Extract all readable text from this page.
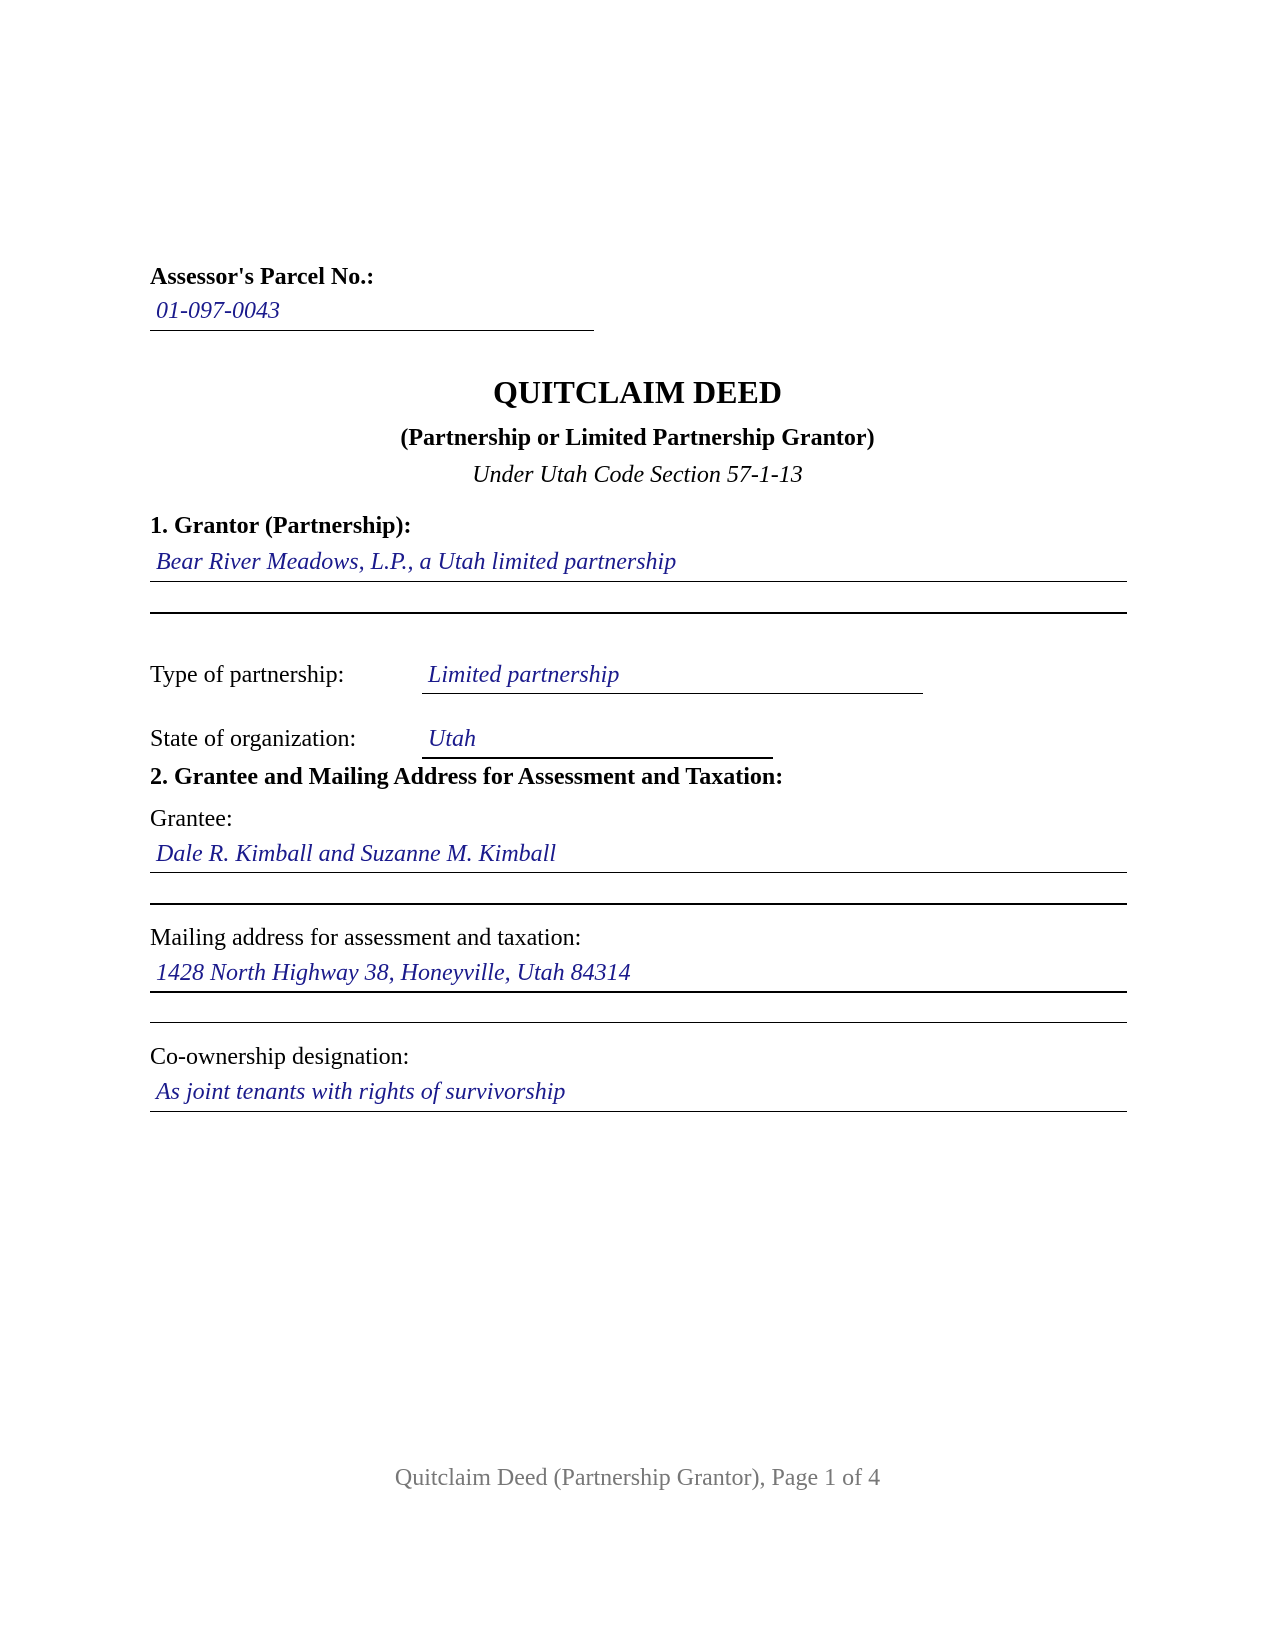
Assessor's Parcel No.:
01-097-0043
QUITCLAIM DEED
(Partnership or Limited Partnership Grantor)
Under Utah Code Section 57-1-13
1. Grantor (Partnership):
Bear River Meadows, L.P., a Utah limited partnership
Type of partnership:	Limited partnership
State of organization:	Utah
2. Grantee and Mailing Address for Assessment and Taxation:
Grantee:
Dale R. Kimball and Suzanne M. Kimball
Mailing address for assessment and taxation:
1428 North Highway 38, Honeyville, Utah 84314
Co-ownership designation:
As joint tenants with rights of survivorship
Quitclaim Deed (Partnership Grantor), Page 1 of 4
